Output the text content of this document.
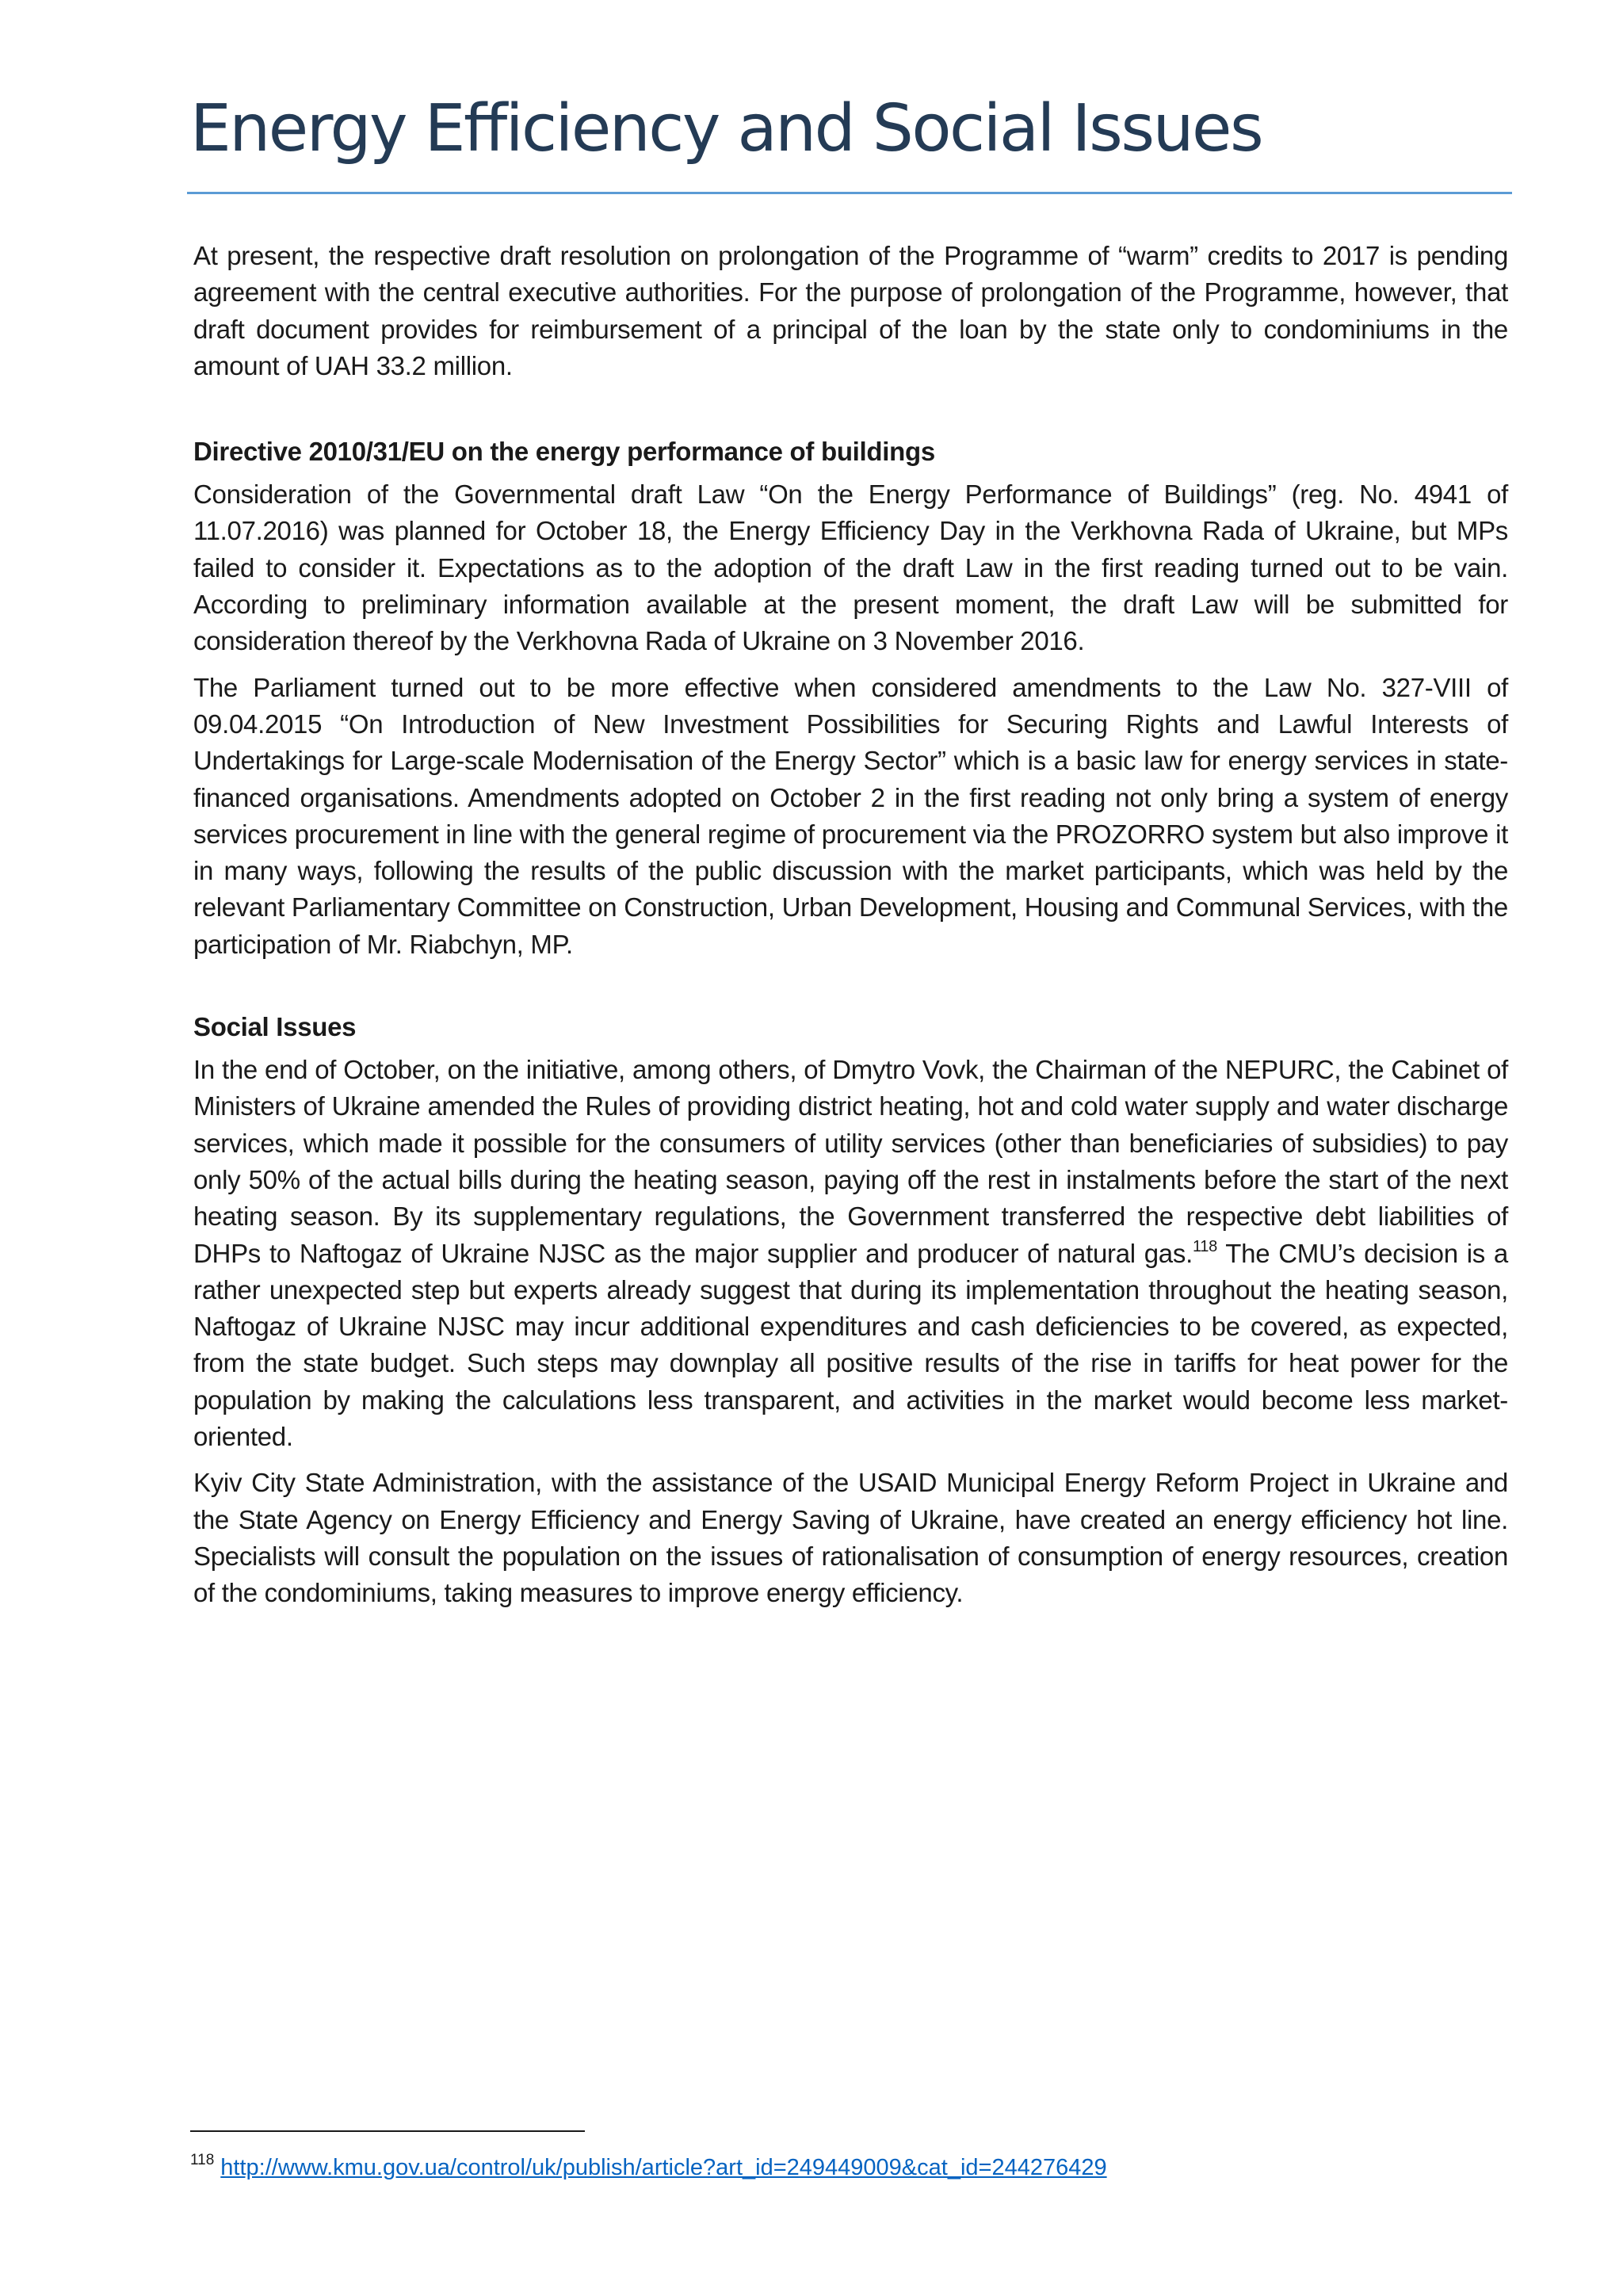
Energy Efficiency and Social Issues

At present, the respective draft resolution on prolongation of the Programme of “warm” credits to 2017 is pending agreement with the central executive authorities. For the purpose of prolongation of the Programme, however, that draft document provides for reimbursement of a principal of the loan by the state only to condominiums in the amount of UAH 33.2 million.

Directive 2010/31/EU on the energy performance of buildings

Consideration of the Governmental draft Law “On the Energy Performance of Buildings” (reg. No. 4941 of 11.07.2016) was planned for October 18, the Energy Efficiency Day in the Verkhovna Rada of Ukraine, but MPs failed to consider it. Expectations as to the adoption of the draft Law in the first reading turned out to be vain. According to preliminary information available at the present moment, the draft Law will be submitted for consideration thereof by the Verkhovna Rada of Ukraine on 3 November 2016.

The Parliament turned out to be more effective when considered amendments to the Law No. 327-VIII of 09.04.2015 “On Introduction of New Investment Possibilities for Securing Rights and Lawful Interests of Undertakings for Large-scale Modernisation of the Energy Sector” which is a basic law for energy services in state-financed organisations. Amendments adopted on October 2 in the first reading not only bring a system of energy services procurement in line with the general regime of procurement via the PROZORRO system but also improve it in many ways, following the results of the public discussion with the market participants, which was held by the relevant Parliamentary Committee on Construction, Urban Development, Housing and Communal Services, with the participation of Mr. Riabchyn, MP.

Social Issues

In the end of October, on the initiative, among others, of Dmytro Vovk, the Chairman of the NEPURC, the Cabinet of Ministers of Ukraine amended the Rules of providing district heating, hot and cold water supply and water discharge services, which made it possible for the consumers of utility services (other than beneficiaries of subsidies) to pay only 50% of the actual bills during the heating season, paying off the rest in instalments before the start of the next heating season. By its supplementary regulations, the Government transferred the respective debt liabilities of DHPs to Naftogaz of Ukraine NJSC as the major supplier and producer of natural gas.$^{118}$ The CMU’s decision is a rather unexpected step but experts already suggest that during its implementation throughout the heating season, Naftogaz of Ukraine NJSC may incur additional expenditures and cash deficiencies to be covered, as expected, from the state budget. Such steps may downplay all positive results of the rise in tariffs for heat power for the population by making the calculations less transparent, and activities in the market would become less market-oriented.

Kyiv City State Administration, with the assistance of the USAID Municipal Energy Reform Project in Ukraine and the State Agency on Energy Efficiency and Energy Saving of Ukraine, have created an energy efficiency hot line. Specialists will consult the population on the issues of rationalisation of consumption of energy resources, creation of the condominiums, taking measures to improve energy efficiency.

$^{118}$ http://www.kmu.gov.ua/control/uk/publish/article?art_id=249449009&cat_id=244276429
